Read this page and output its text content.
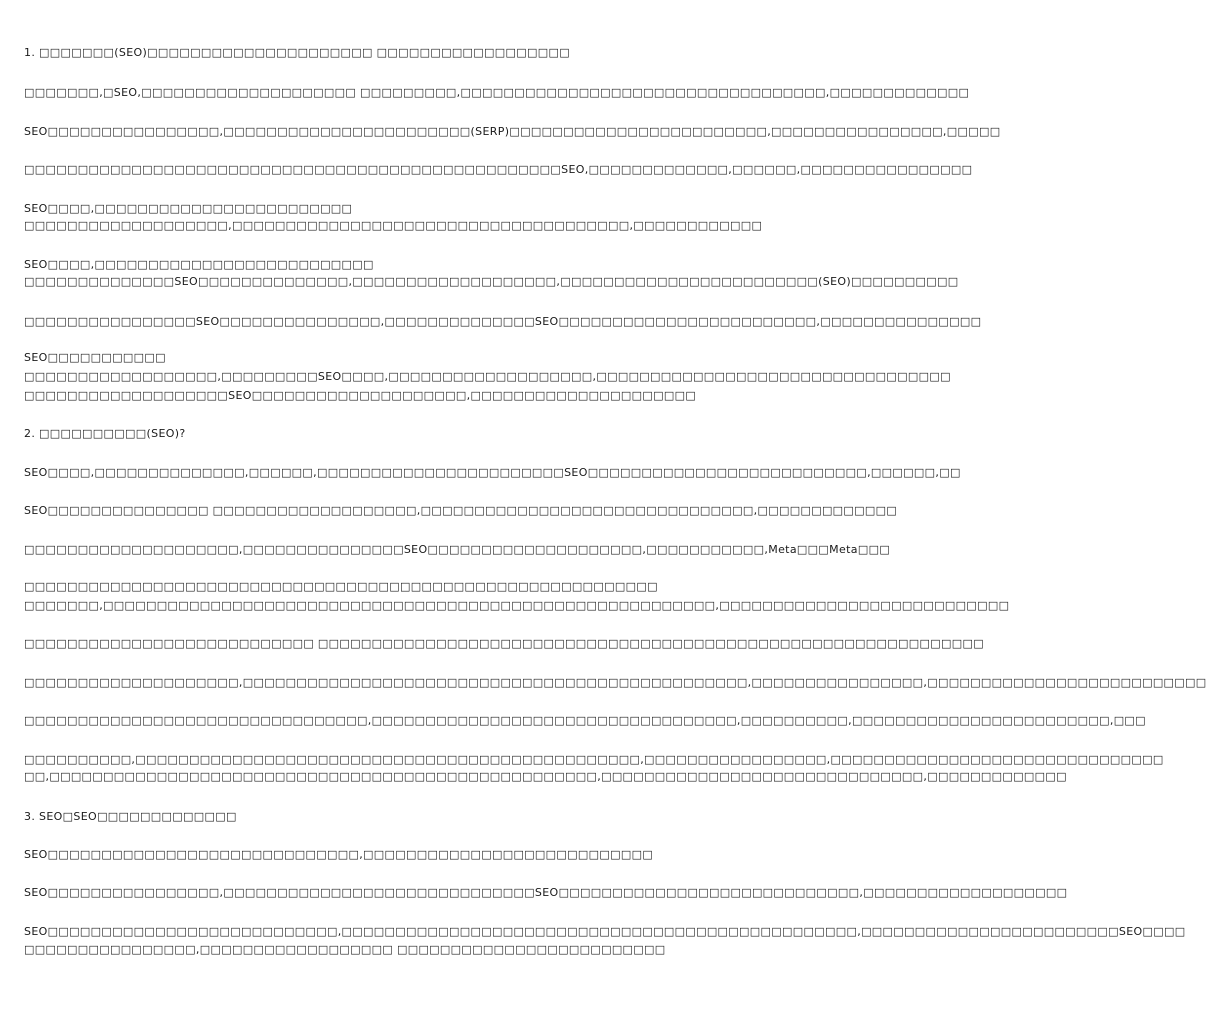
1. □□□□□□□(SEO)□□□□□□□□□□□□□□□□□□□□□ □□□□□□□□□□□□□□□□□□
□□□□□□□,□SEO,□□□□□□□□□□□□□□□□□□□□ □□□□□□□□□,□□□□□□□□□□□□□□□□□□□□□□□□□□□□□□□□□□,□□□□□□□□□□□□□
SEO□□□□□□□□□□□□□□□□,□□□□□□□□□□□□□□□□□□□□□□□(SERP)□□□□□□□□□□□□□□□□□□□□□□□□,□□□□□□□□□□□□□□□□,□□□□□
□□□□□□□□□□□□□□□□□□□□□□□□□□□□□□□□□□□□□□□□□□□□□□□□□□SEO,□□□□□□□□□□□□□,□□□□□□,□□□□□□□□□□□□□□□□
SEO□□□□,□□□□□□□□□□□□□□□□□□□□□□□□
□□□□□□□□□□□□□□□□□□□,□□□□□□□□□□□□□□□□□□□□□□□□□□□□□□□□□□□□□,□□□□□□□□□□□□
SEO□□□□,□□□□□□□□□□□□□□□□□□□□□□□□□□
□□□□□□□□□□□□□□SEO□□□□□□□□□□□□□□,□□□□□□□□□□□□□□□□□□□,□□□□□□□□□□□□□□□□□□□□□□□□(SEO)□□□□□□□□□□
□□□□□□□□□□□□□□□□SEO□□□□□□□□□□□□□□□,□□□□□□□□□□□□□□SEO□□□□□□□□□□□□□□□□□□□□□□□□,□□□□□□□□□□□□□□□
SEO□□□□□□□□□□□
□□□□□□□□□□□□□□□□□□,□□□□□□□□□SEO□□□□,□□□□□□□□□□□□□□□□□□□,□□□□□□□□□□□□□□□□□□□□□□□□□□□□□□□□□
□□□□□□□□□□□□□□□□□□□SEO□□□□□□□□□□□□□□□□□□□□,□□□□□□□□□□□□□□□□□□□□□
2. □□□□□□□□□□(SEO)?
SEO□□□□,□□□□□□□□□□□□□□,□□□□□□,□□□□□□□□□□□□□□□□□□□□□□□SEO□□□□□□□□□□□□□□□□□□□□□□□□□□,□□□□□□,□□
SEO□□□□□□□□□□□□□□□ □□□□□□□□□□□□□□□□□□□,□□□□□□□□□□□□□□□□□□□□□□□□□□□□□□□,□□□□□□□□□□□□□
□□□□□□□□□□□□□□□□□□□□,□□□□□□□□□□□□□□□SEO□□□□□□□□□□□□□□□□□□□□,□□□□□□□□□□□,Meta□□□Meta□□□
□□□□□□□□□□□□□□□□□□□□□□□□□□□□□□□□□□□□□□□□□□□□□□□□□□□□□□□□□□□
□□□□□□□,□□□□□□□□□□□□□□□□□□□□□□□□□□□□□□□□□□□□□□□□□□□□□□□□□□□□□□□□□,□□□□□□□□□□□□□□□□□□□□□□□□□□□
□□□□□□□□□□□□□□□□□□□□□□□□□□□ □□□□□□□□□□□□□□□□□□□□□□□□□□□□□□□□□□□□□□□□□□□□□□□□□□□□□□□□□□□□□□
□□□□□□□□□□□□□□□□□□□□,□□□□□□□□□□□□□□□□□□□□□□□□□□□□□□□□□□□□□□□□□□□□□□□,□□□□□□□□□□□□□□□□,□□□□□□□□□□□□□□□□□□□□□□□□□□
□□□□□□□□□□□□□□□□□□□□□□□□□□□□□□□□,□□□□□□□□□□□□□□□□□□□□□□□□□□□□□□□□□□,□□□□□□□□□□,□□□□□□□□□□□□□□□□□□□□□□□□,□□□
□□□□□□□□□□,□□□□□□□□□□□□□□□□□□□□□□□□□□□□□□□□□□□□□□□□□□□□□□□,□□□□□□□□□□□□□□□□□,□□□□□□□□□□□□□□□□□□□□□□□□□□□□□□□
□□,□□□□□□□□□□□□□□□□□□□□□□□□□□□□□□□□□□□□□□□□□□□□□□□□□□□,□□□□□□□□□□□□□□□□□□□□□□□□□□□□□□,□□□□□□□□□□□□□
3. SEO□SEO□□□□□□□□□□□□□
SEO□□□□□□□□□□□□□□□□□□□□□□□□□□□□□,□□□□□□□□□□□□□□□□□□□□□□□□□□□
SEO□□□□□□□□□□□□□□□□,□□□□□□□□□□□□□□□□□□□□□□□□□□□□□SEO□□□□□□□□□□□□□□□□□□□□□□□□□□□□,□□□□□□□□□□□□□□□□□□□
SEO□□□□□□□□□□□□□□□□□□□□□□□□□□□,□□□□□□□□□□□□□□□□□□□□□□□□□□□□□□□□□□□□□□□□□□□□□□□□,□□□□□□□□□□□□□□□□□□□□□□□□SEO□□□□
□□□□□□□□□□□□□□□□,□□□□□□□□□□□□□□□□□□ □□□□□□□□□□□□□□□□□□□□□□□□□
